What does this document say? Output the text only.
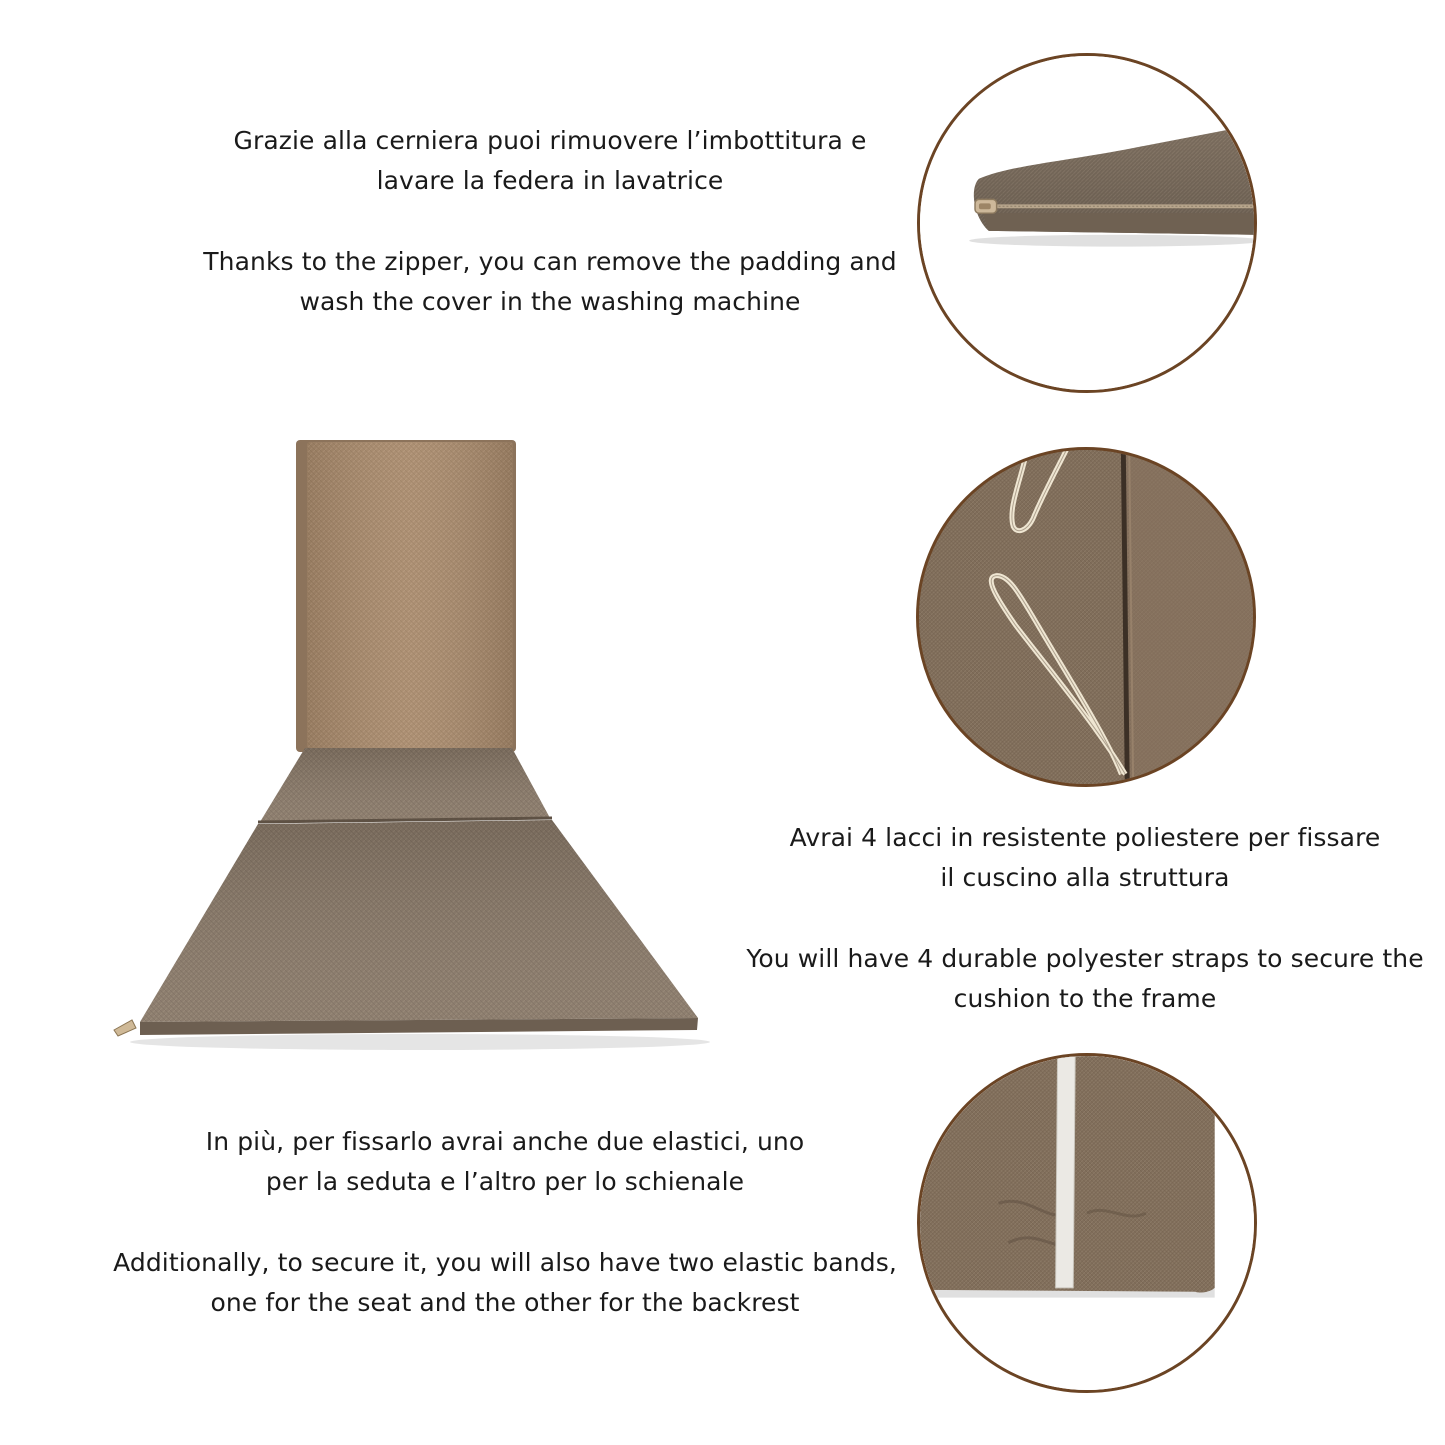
Grazie alla cerniera puoi rimuovere l’imbottitura e
lavare la federa in lavatrice

Thanks to the zipper, you can remove the padding and
wash the cover in the washing machine

Avrai 4 lacci in resistente poliestere per fissare
il cuscino alla struttura

You will have 4 durable polyester straps to secure the
cushion to the frame

In più, per fissarlo avrai anche due elastici, uno
per la seduta e l’altro per lo schienale

Additionally, to secure it, you will also have two elastic bands,
one for the seat and the other for the backrest
